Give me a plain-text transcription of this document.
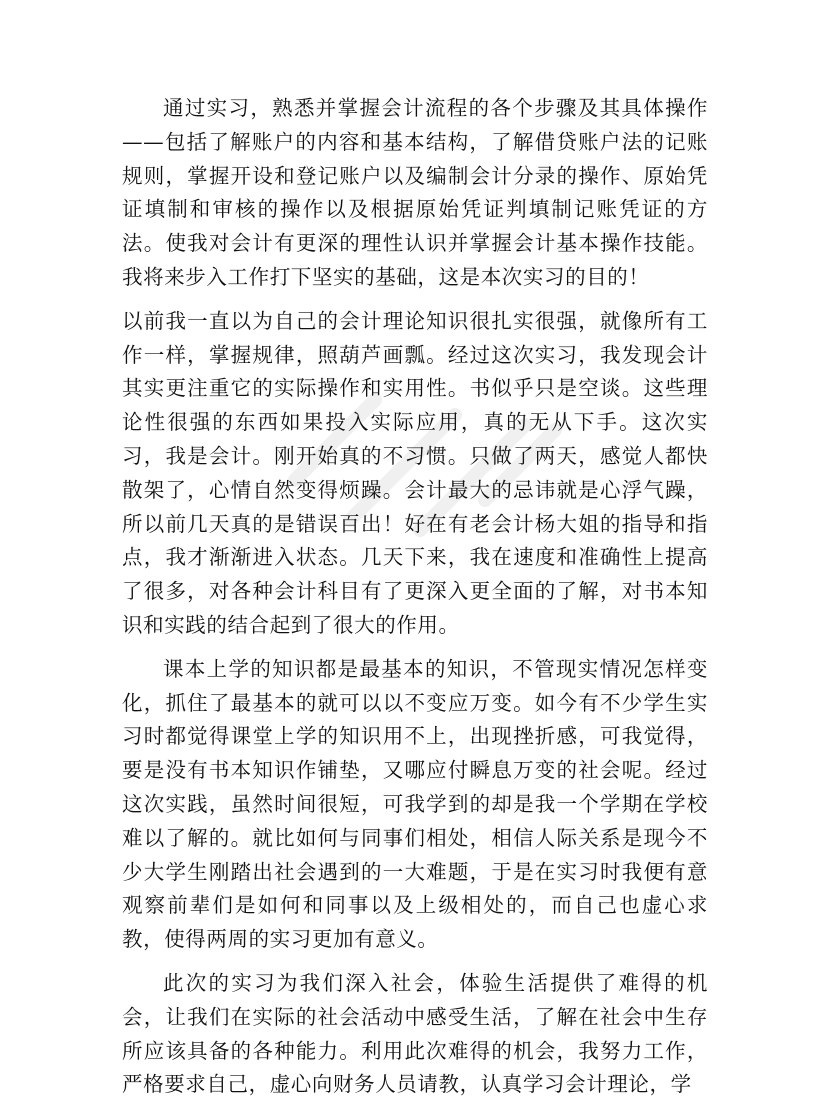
通过实习，熟悉并掌握会计流程的各个步骤及其具体操作——包括了解账户的内容和基本结构，了解借贷账户法的记账规则，掌握开设和登记账户以及编制会计分录的操作、原始凭证填制和审核的操作以及根据原始凭证判填制记账凭证的方法。使我对会计有更深的理性认识并掌握会计基本操作技能。我将来步入工作打下坚实的基础，这是本次实习的目的！

以前我一直以为自己的会计理论知识很扎实很强，就像所有工作一样，掌握规律，照葫芦画瓢。经过这次实习，我发现会计其实更注重它的实际操作和实用性。书似乎只是空谈。这些理论性很强的东西如果投入实际应用，真的无从下手。这次实习，我是会计。刚开始真的不习惯。只做了两天，感觉人都快散架了，心情自然变得烦躁。会计最大的忌讳就是心浮气躁，所以前几天真的是错误百出！好在有老会计杨大姐的指导和指点，我才渐渐进入状态。几天下来，我在速度和准确性上提高了很多，对各种会计科目有了更深入更全面的了解，对书本知识和实践的结合起到了很大的作用。

课本上学的知识都是最基本的知识，不管现实情况怎样变化，抓住了最基本的就可以以不变应万变。如今有不少学生实习时都觉得课堂上学的知识用不上，出现挫折感，可我觉得，要是没有书本知识作铺垫，又哪应付瞬息万变的社会呢。经过这次实践，虽然时间很短，可我学到的却是我一个学期在学校难以了解的。就比如何与同事们相处，相信人际关系是现今不少大学生刚踏出社会遇到的一大难题，于是在实习时我便有意观察前辈们是如何和同事以及上级相处的，而自己也虚心求教，使得两周的实习更加有意义。

此次的实习为我们深入社会，体验生活提供了难得的机会，让我们在实际的社会活动中感受生活，了解在社会中生存所应该具备的各种能力。利用此次难得的机会，我努力工作，严格要求自己，虚心向财务人员请教，认真学习会计理论，学
